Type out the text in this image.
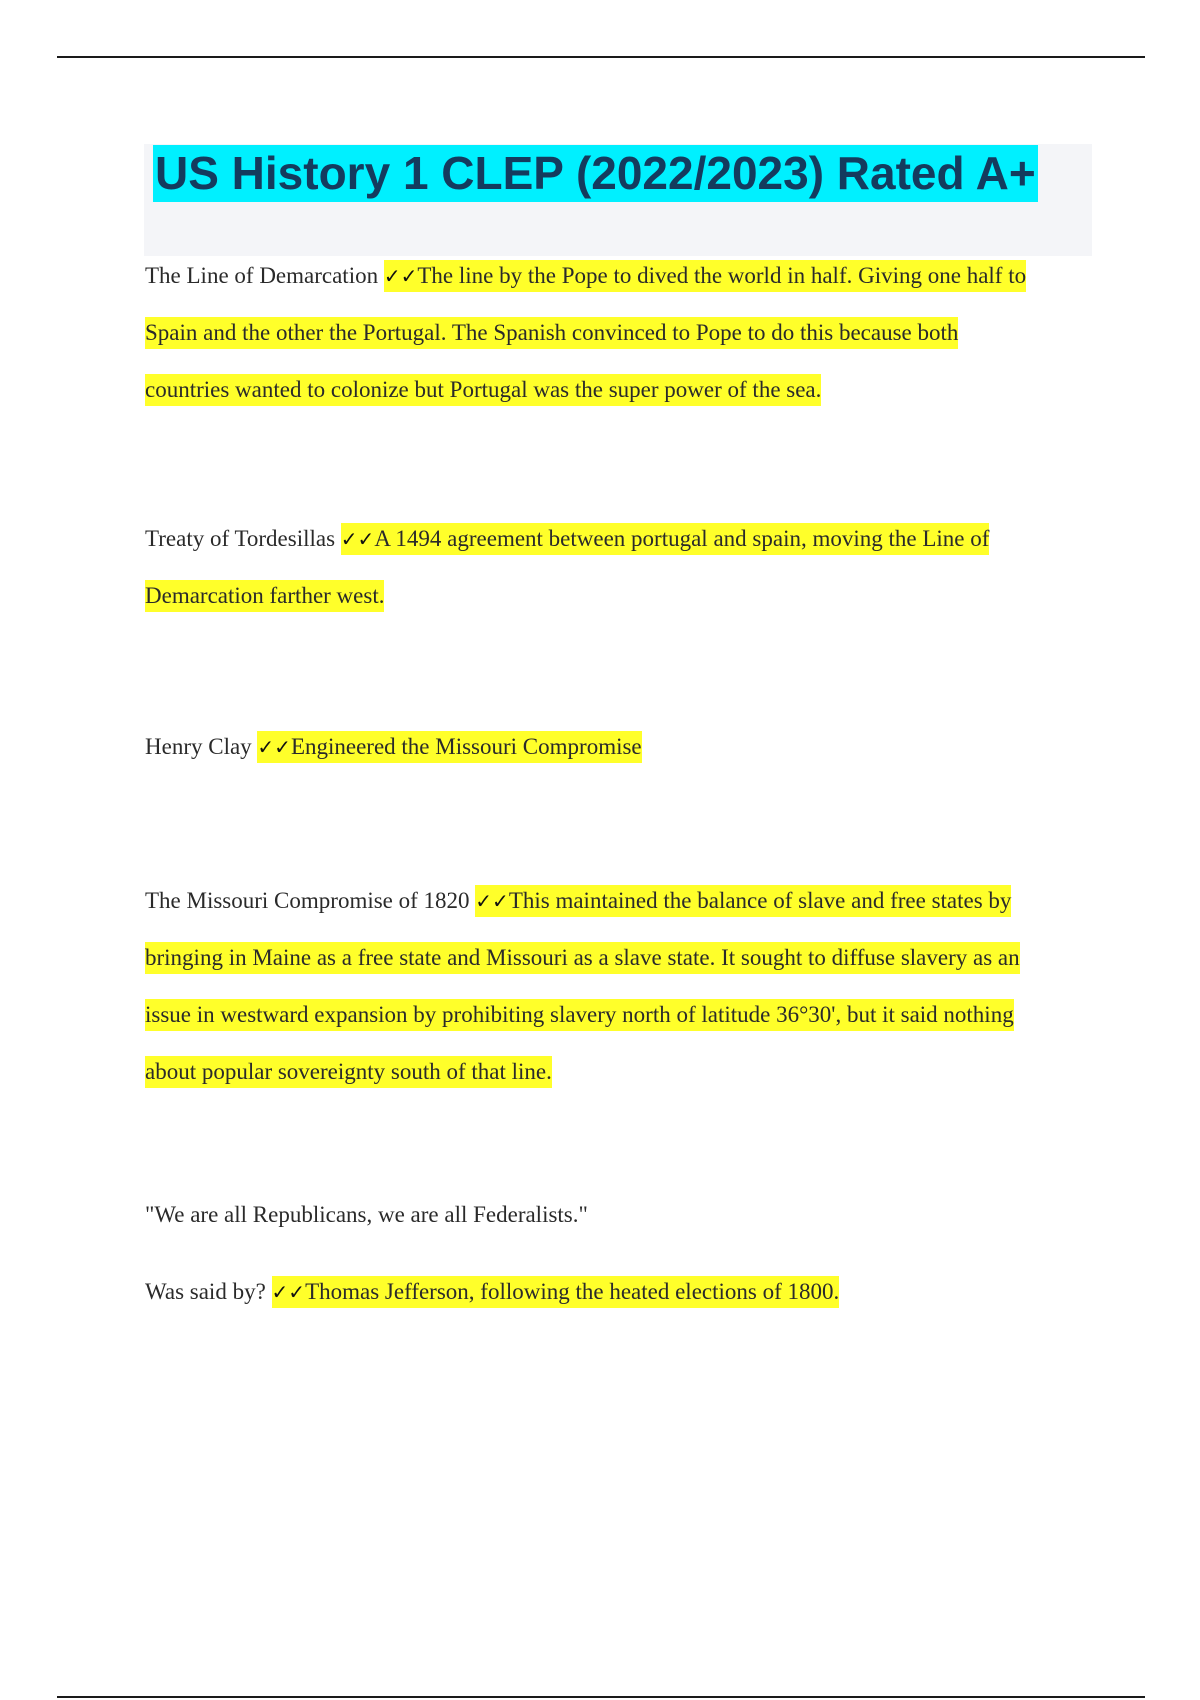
US History 1 CLEP (2022/2023) Rated A+
The Line of Demarcation ✓✓The line by the Pope to dived the world in half. Giving one half to
Spain and the other the Portugal. The Spanish convinced to Pope to do this because both
countries wanted to colonize but Portugal was the super power of the sea.
Treaty of Tordesillas ✓✓A 1494 agreement between portugal and spain, moving the Line of
Demarcation farther west.
Henry Clay ✓✓Engineered the Missouri Compromise
The Missouri Compromise of 1820 ✓✓This maintained the balance of slave and free states by
bringing in Maine as a free state and Missouri as a slave state. It sought to diffuse slavery as an
issue in westward expansion by prohibiting slavery north of latitude 36°30', but it said nothing
about popular sovereignty south of that line.
"We are all Republicans, we are all Federalists."
Was said by? ✓✓Thomas Jefferson, following the heated elections of 1800.
